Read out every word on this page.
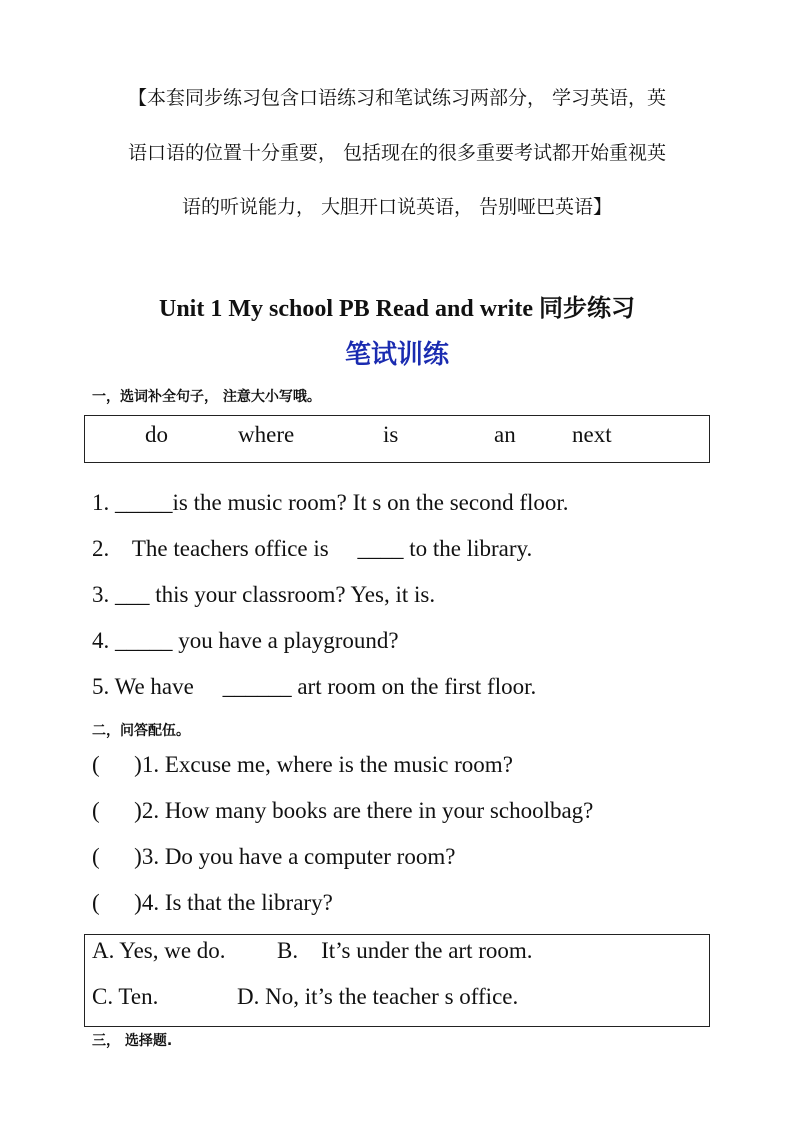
【本套同步练习包含口语练习和笔试练习两部分， 学习英语，英
语口语的位置十分重要， 包括现在的很多重要考试都开始重视英
语的听说能力， 大胆开口说英语， 告别哑巴英语】
Unit 1 My school PB Read and write 同步练习
笔试训练
一，选词补全句子， 注意大小写哦。
do	where	is	an next
1. _____is the music room? It s on the second floor.
2.    The teachers office is     ____ to the library.
3. ___ this your classroom? Yes, it is.
4. _____ you have a playground?
5. We have     ______ art room on the first floor.
二，问答配伍。
(      )1. Excuse me, where is the music room?
(      )2. How many books are there in your schoolbag?
(      )3. Do you have a computer room?
(      )4. Is that the library?
A. Yes, we do. B.    It’s under the art room.
C. Ten.	D. No, it’s the teacher s office.
三， 选择题.
